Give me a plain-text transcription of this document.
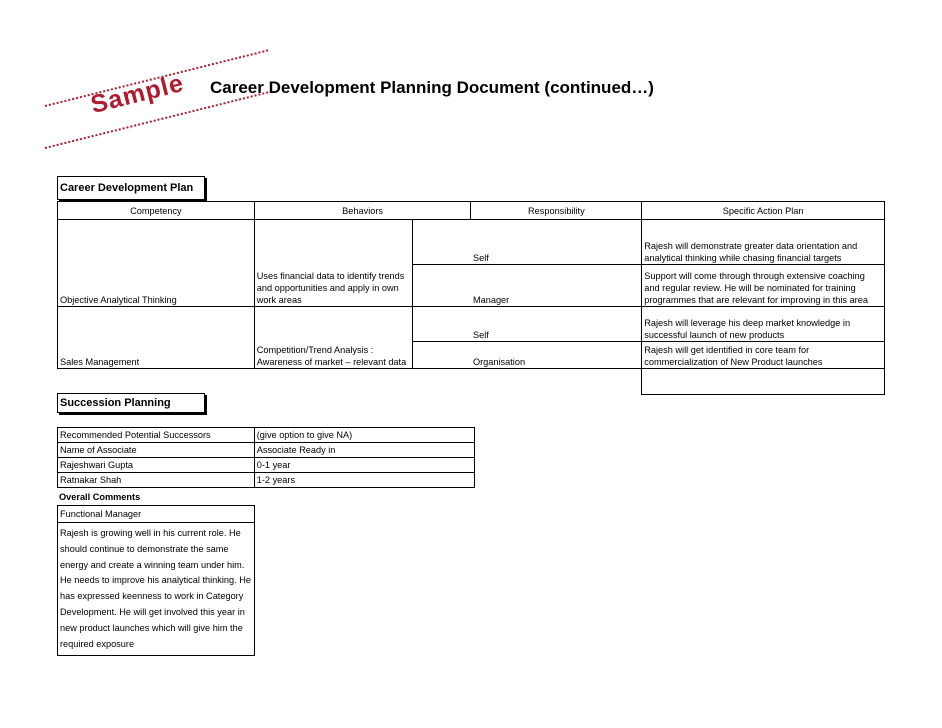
Sample Career Development Planning Document (continued…)
Career Development Plan
Competency	Behaviors		Responsibility	Specific Action Plan
Objective Analytical Thinking	Uses financial data to identify trends and opportunities and apply in own work areas		Self	Rajesh will demonstrate greater data orientation and analytical thinking while chasing financial targets
			Manager	Support will come through through extensive coaching and regular review. He will be nominated for training programmes that are relevant for improving in this area
Sales Management	Competition/Trend Analysis : Awareness of market – relevant data		Self	Rajesh will leverage his deep market knowledge in successful launch of new products
			Organisation	Rajesh will get identified in core team for commercialization of New Product launches

Succession Planning
Recommended Potential Successors	(give option to give NA)
Name of Associate	Associate Ready in
Rajeshwari Gupta	0-1 year
Ratnakar Shah	1-2 years
Overall Comments
Functional Manager
Rajesh is growing well in his current role. He should continue to demonstrate the same energy and create a winning team under him. He needs to improve his analytical thinking. He has expressed keenness to work in Category Development. He will get involved this year in new product launches which will give him the required exposure
